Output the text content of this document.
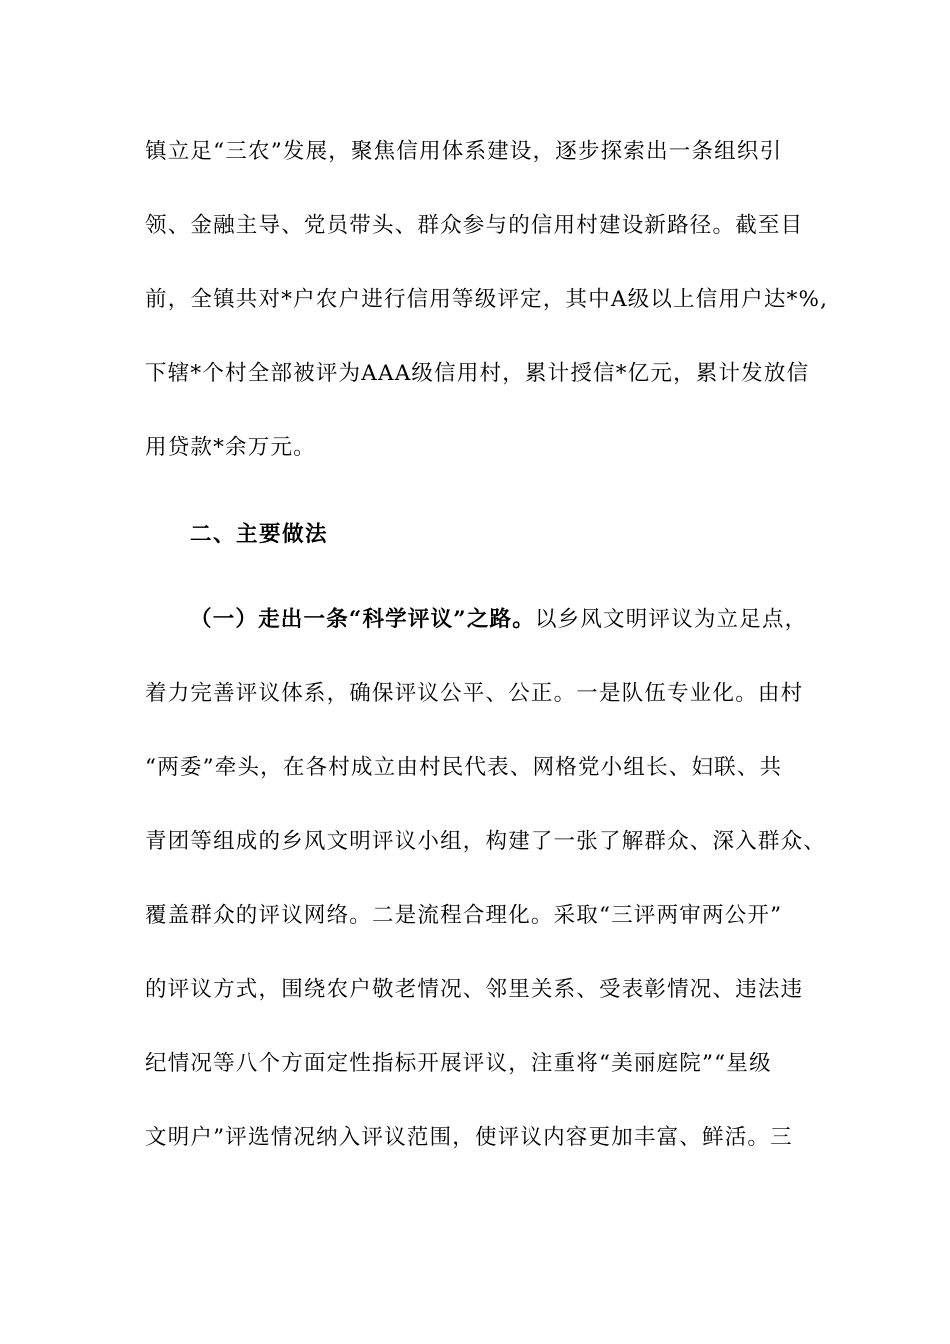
镇立足“三农”发展，聚焦信用体系建设，逐步探索出一条组织引
领、金融主导、党员带头、群众参与的信用村建设新路径。截至目
前，全镇共对*户农户进行信用等级评定，其中A级以上信用户达*%,
下辖*个村全部被评为AAA级信用村，累计授信*亿元，累计发放信
用贷款*余万元。
二、主要做法
（一）走出一条“科学评议”之路。以乡风文明评议为立足点，
着力完善评议体系，确保评议公平、公正。一是队伍专业化。由村
“两委”牵头，在各村成立由村民代表、网格党小组长、妇联、共
青团等组成的乡风文明评议小组，构建了一张了解群众、深入群众、
覆盖群众的评议网络。二是流程合理化。采取“三评两审两公开”
的评议方式，围绕农户敬老情况、邻里关系、受表彰情况、违法违
纪情况等八个方面定性指标开展评议，注重将“美丽庭院”“星级
文明户”评选情况纳入评议范围，使评议内容更加丰富、鲜活。三
